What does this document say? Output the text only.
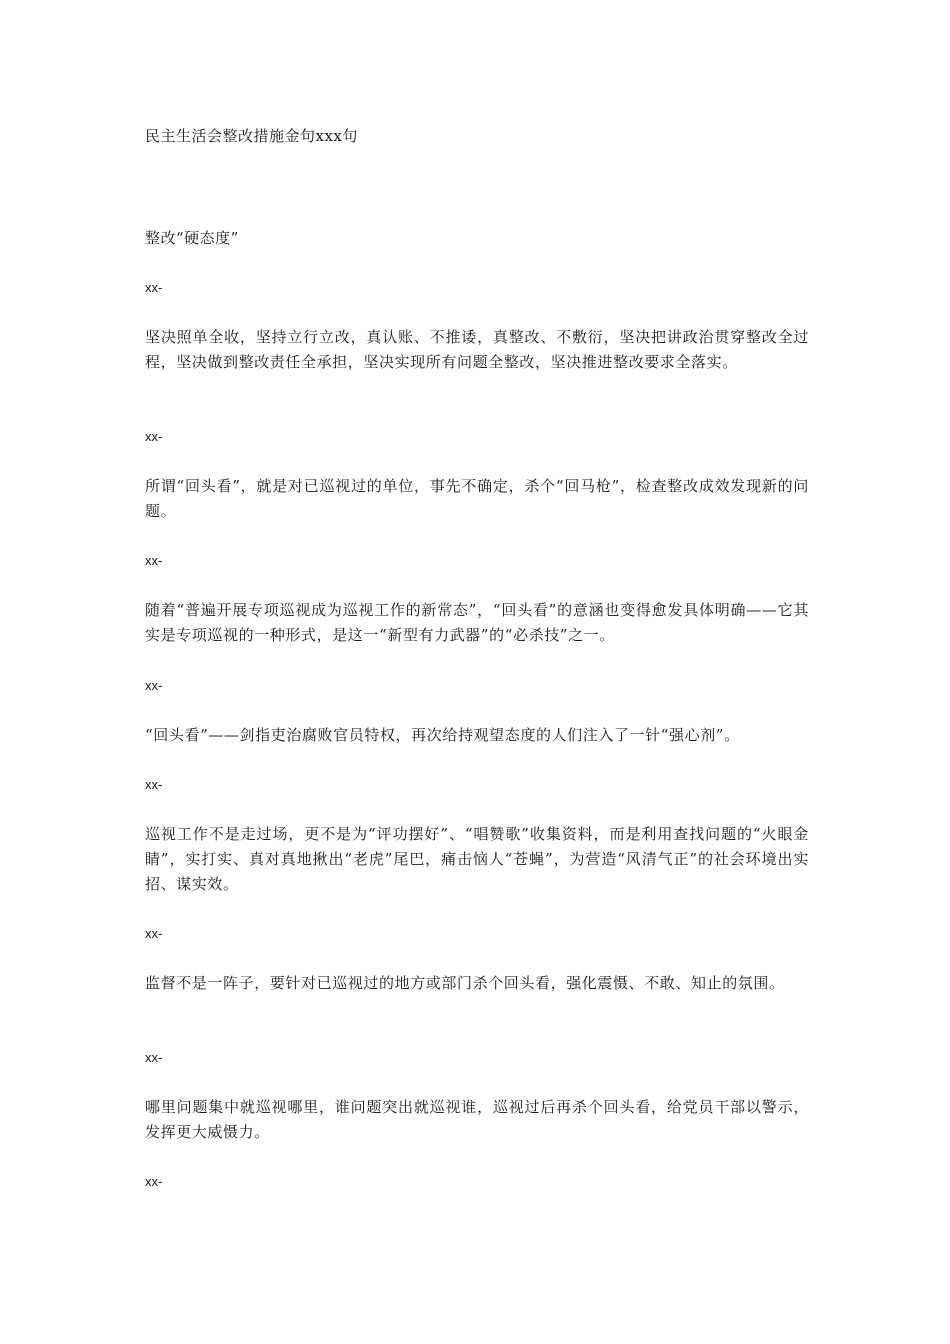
民主生活会整改措施金句xxx句
整改“硬态度”
xx-
坚决照单全收，坚持立行立改，真认账、不推诿，真整改、不敷衍，坚决把讲政治贯穿整改全过程，坚决做到整改责任全承担，坚决实现所有问题全整改，坚决推进整改要求全落实。
xx-
所谓“回头看”，就是对已巡视过的单位，事先不确定，杀个“回马枪”，检查整改成效发现新的问题。
xx-
随着“普遍开展专项巡视成为巡视工作的新常态”，“回头看”的意涵也变得愈发具体明确——它其实是专项巡视的一种形式，是这一“新型有力武器”的“必杀技”之一。
xx-
“回头看”——剑指吏治腐败官员特权，再次给持观望态度的人们注入了一针“强心剂”。
xx-
巡视工作不是走过场，更不是为“评功摆好”、“唱赞歌”收集资料，而是利用查找问题的“火眼金睛”，实打实、真对真地揪出“老虎”尾巴，痛击恼人“苍蝇”，为营造“风清气正”的社会环境出实招、谋实效。
xx-
监督不是一阵子，要针对已巡视过的地方或部门杀个回头看，强化震慑、不敢、知止的氛围。
xx-
哪里问题集中就巡视哪里，谁问题突出就巡视谁，巡视过后再杀个回头看，给党员干部以警示，发挥更大威慑力。
xx-
